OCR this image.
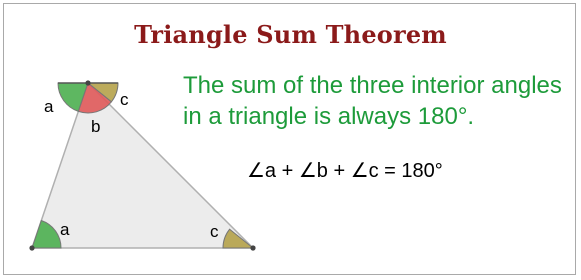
Triangle Sum Theorem
The sum of the three interior angles
in a triangle is always 180°.
∠a + ∠b + ∠c = 180°
a
b
c
a	c
